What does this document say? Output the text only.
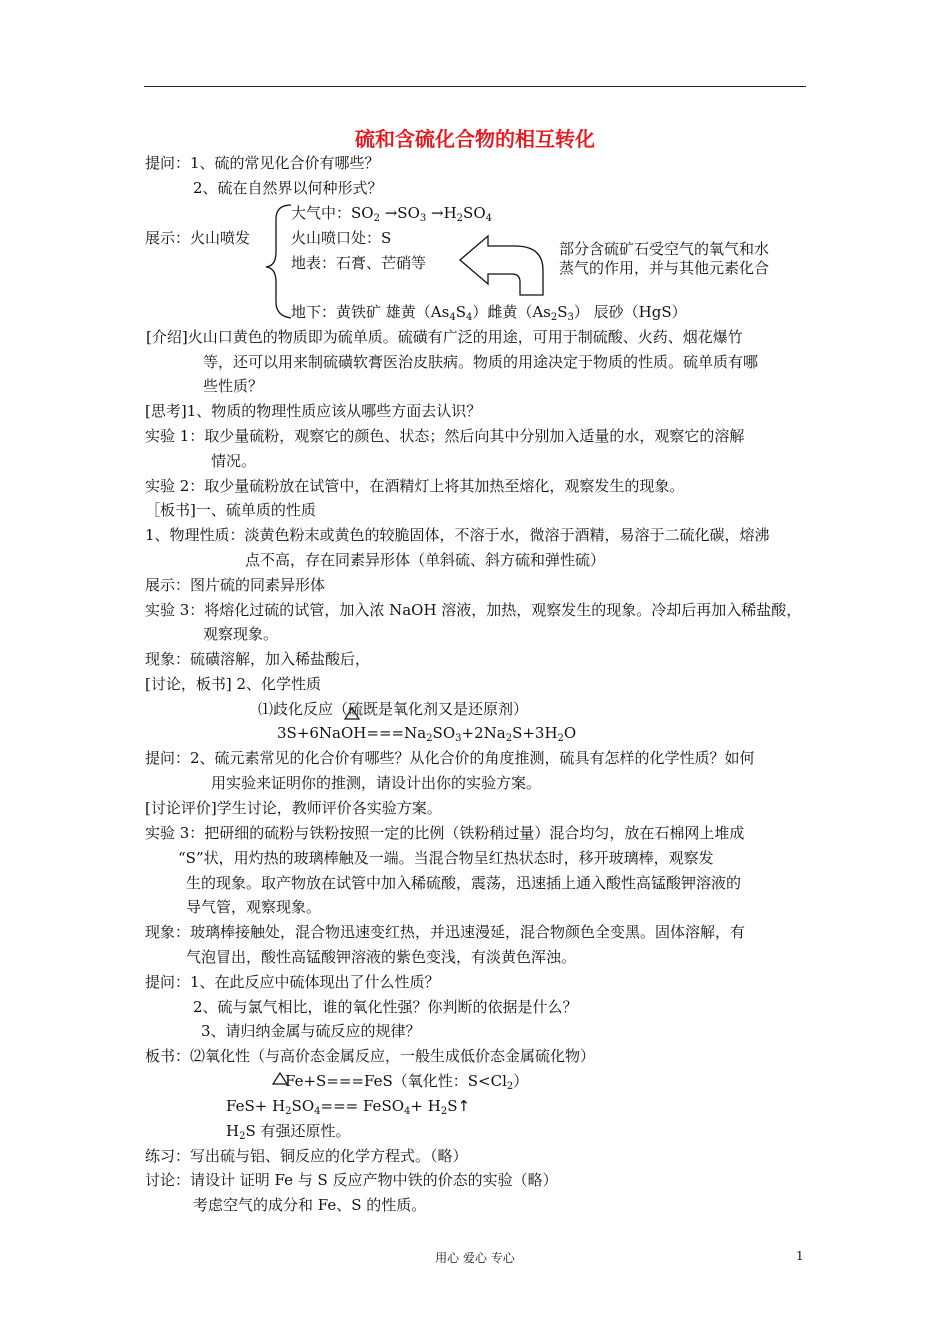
硫和含硫化合物的相互转化
提问：1、硫的常见化合价有哪些？
2、硫在自然界以何种形式？
展示：火山喷发
大气中：$SO_2 \to SO_3 \to H_2SO_4$
火山喷口处：S
地表：石膏、芒硝等
地下：黄铁矿 雄黄$(As_4S_4)$雌黄$(As_2S_3)$ 辰砂（HgS）
部分含硫矿石受空气的氧气和水
蒸气的作用，并与其他元素化合
[介绍]火山口黄色的物质即为硫单质。硫磺有广泛的用途，可用于制硫酸、火药、烟花爆竹
等，还可以用来制硫磺软膏医治皮肤病。物质的用途决定于物质的性质。硫单质有哪
些性质？
[思考]1、物质的物理性质应该从哪些方面去认识？
实验 1：取少量硫粉，观察它的颜色、状态；然后向其中分别加入适量的水，观察它的溶解
情况。
实验 2：取少量硫粉放在试管中，在酒精灯上将其加热至熔化，观察发生的现象。
［板书]一、硫单质的性质
1、物理性质：淡黄色粉末或黄色的较脆固体，不溶于水，微溶于酒精，易溶于二硫化碳，熔沸
点不高，存在同素异形体（单斜硫、斜方硫和弹性硫）
展示：图片硫的同素异形体
实验 3：将熔化过硫的试管，加入浓 NaOH 溶液，加热，观察发生的现象。冷却后再加入稀盐酸，
观察现象。
现象：硫磺溶解，加入稀盐酸后，
[讨论，板书] 2、化学性质
⑴歧化反应（硫既是氧化剂又是还原剂）
$3S+6NaOH===Na_2SO_3+2Na_2S+3H_2O$
提问：2、硫元素常见的化合价有哪些？从化合价的角度推测，硫具有怎样的化学性质？如何
用实验来证明你的推测，请设计出你的实验方案。
[讨论评价]学生讨论，教师评价各实验方案。
实验 3：把研细的硫粉与铁粉按照一定的比例（铁粉稍过量）混合均匀，放在石棉网上堆成
“S”状，用灼热的玻璃棒触及一端。当混合物呈红热状态时，移开玻璃棒，观察发
生的现象。取产物放在试管中加入稀硫酸，震荡，迅速插上通入酸性高锰酸钾溶液的
导气管，观察现象。
现象：玻璃棒接触处，混合物迅速变红热，并迅速漫延，混合物颜色全变黑。固体溶解，有
气泡冒出，酸性高锰酸钾溶液的紫色变浅，有淡黄色浑浊。
提问：1、在此反应中硫体现出了什么性质？
2、硫与氯气相比，谁的氧化性强？你判断的依据是什么？
3、请归纳金属与硫反应的规律？
板书：⑵氧化性（与高价态金属反应，一般生成低价态金属硫化物）
Fe+S===FeS（氧化性：$S<Cl_2$）
$FeS+ H_2SO_4===$ FeSO$_4$+ $H_2S↑$
$H_2S$ 有强还原性。
练习：写出硫与铝、铜反应的化学方程式。（略）
讨论：请设计 证明 Fe 与 S 反应产物中铁的价态的实验（略）
考虑空气的成分和 Fe、S 的性质。
用心 爱心 专心	1
